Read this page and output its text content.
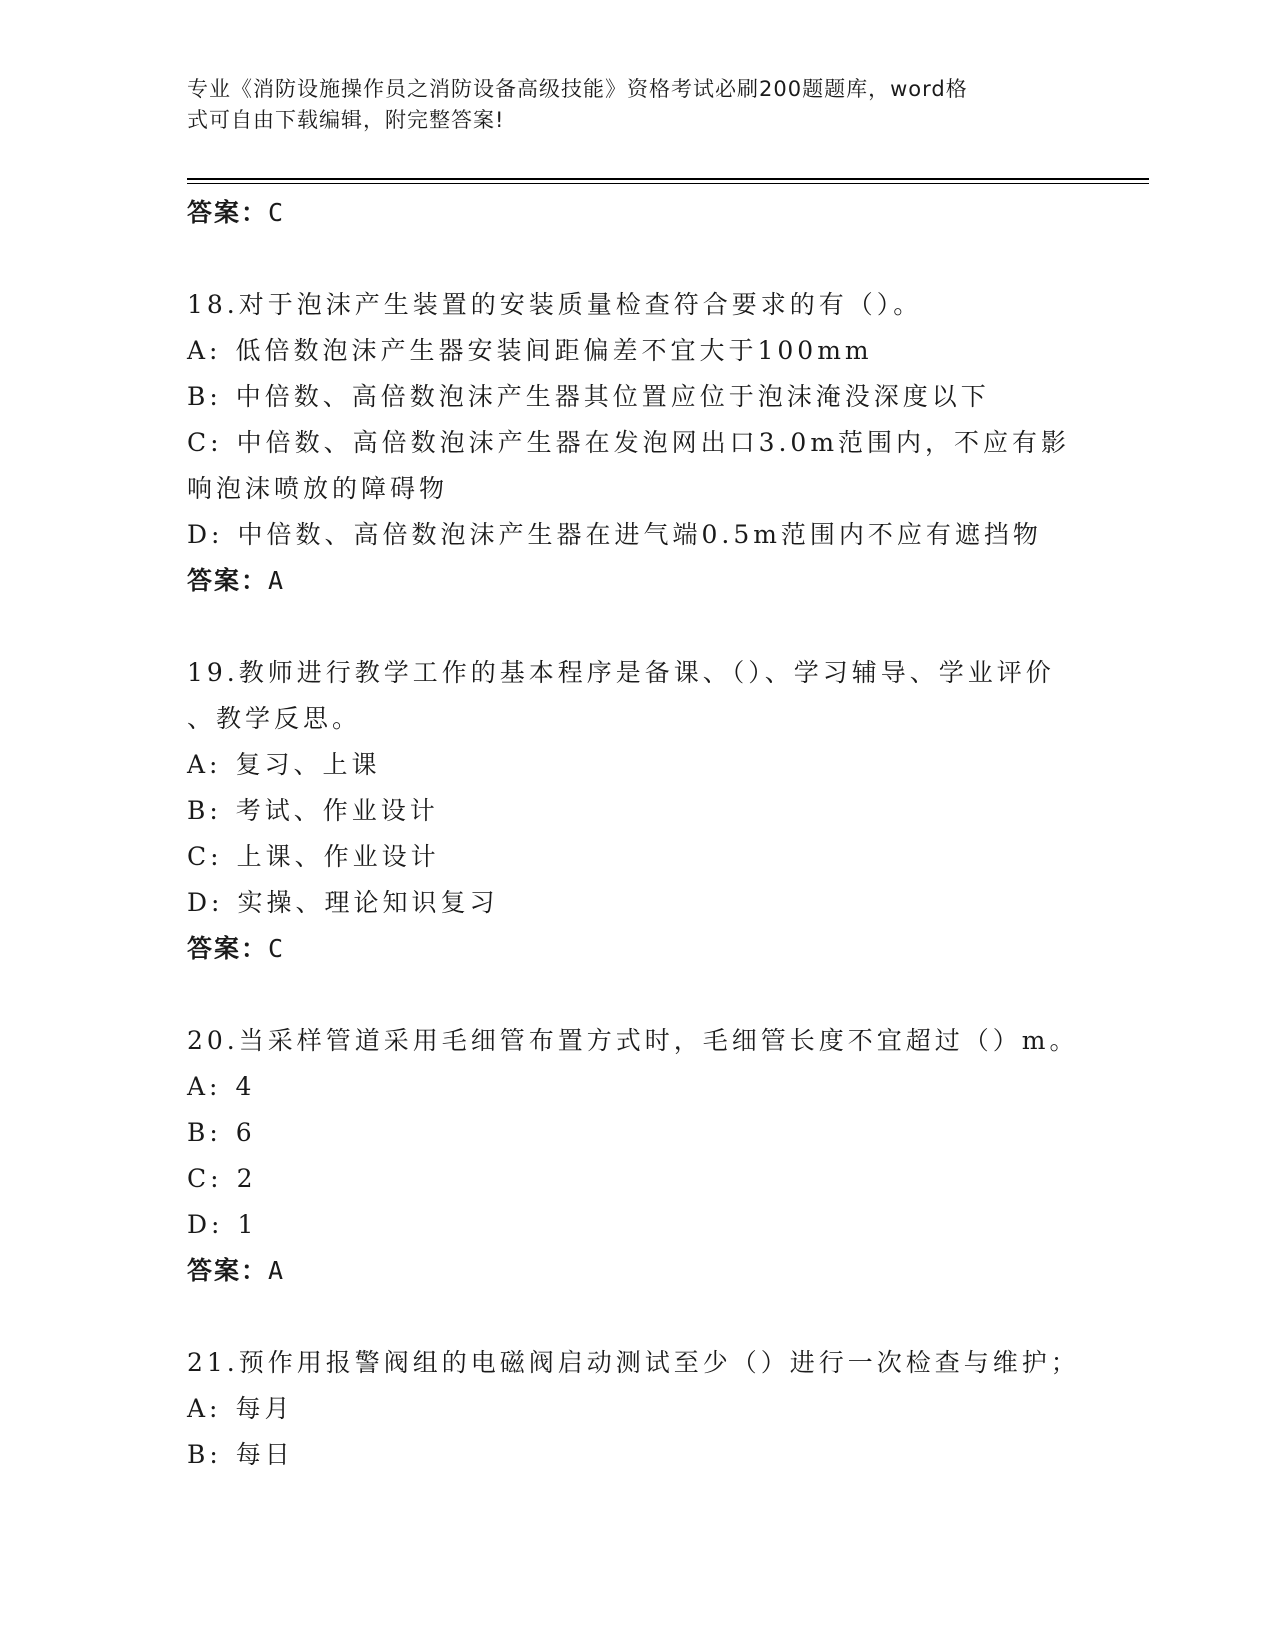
专业《消防设施操作员之消防设备高级技能》资格考试必刷200题题库，word格
式可自由下载编辑，附完整答案!
答案：C
18.对于泡沫产生装置的安装质量检查符合要求的有（）。
A: 低倍数泡沫产生器安装间距偏差不宜大于100mm
B: 中倍数、高倍数泡沫产生器其位置应位于泡沫淹没深度以下
C: 中倍数、高倍数泡沫产生器在发泡网出口3.0m范围内，不应有影
响泡沫喷放的障碍物
D: 中倍数、高倍数泡沫产生器在进气端0.5m范围内不应有遮挡物
答案：A
19.教师进行教学工作的基本程序是备课、（）、学习辅导、学业评价
、教学反思。
A: 复习、上课
B: 考试、作业设计
C: 上课、作业设计
D: 实操、理论知识复习
答案：C
20.当采样管道采用毛细管布置方式时，毛细管长度不宜超过（）m。
A: 4
B: 6
C: 2
D: 1
答案：A
21.预作用报警阀组的电磁阀启动测试至少（）进行一次检查与维护；
A: 每月
B: 每日
